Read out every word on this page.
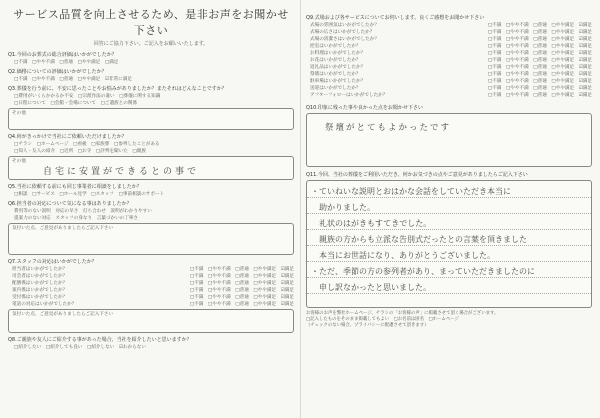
サービス品質を向上させるため、是非お声をお聞かせ下さい
回答にご協力下さい。ご記入をお願いいたします。
Q1.今回のお葬式の総合評価はいかがでしたか？
□不満　□やや不満　□普通　□やや満足　□満足
Q2.価格についての評価はいかがでしたか？
□不満　□やや不満　□普通　□やや満足　☑非常に満足
Q3.葬儀を行う前に、不安に思ったことやお悩みがありましたか？またそれはどんなことですか？
□費用がいくらかかるか不安　□宗派作法の違い　□葬儀に関する知識
□日程について　□会館・会場について　□ご遺族との関係
その他
Q4.何がきっかけで当社にご依頼いただけましたか？
□チラシ　□ホームページ　□看板　□家族葬　□参列したことがある
□知人・友人の紹介　□近所　□お寺　□評判を聞いた　□親族
その他
自宅に安置ができるとの事で
Q5.当社に依頼する前にも同じ事業者に相談をしましたか？
□相談　□サービス　□ホール見学　□スタッフ　□事前相談のサポート
Q6.担当者の対応について気になる事はありましたか？
費用等のない説明　対応の早さ　打ち合わせ　説明がわかりやすい
提案力のない対応　スタッフの身なり　言葉づかいの丁寧さ
気付いた点、ご意見がありましたらご記入下さい
Q7.スタッフの対応はいかがでしたか？
担当者はいかがでしたか？	□不満　□やや不満　□普通　□やや満足　☑満足
司会者はいかがでしたか？	□不満　□やや不満　□普通　□やや満足　☑満足
配膳係はいかがでしたか？	□不満　□やや不満　□普通　□やや満足　☑満足
案内係はいかがでしたか？	□不満　□やや不満　□普通　□やや満足　☑満足
受付係はいかがでしたか？	□不満　□やや不満　□普通　□やや満足　☑満足
電話の対応はいかがでしたか？	□不満　□やや不満　□普通　□やや満足　☑満足
気付いた点、ご意見がありましたらご記入下さい
Q8.ご親族や友人にご紹介する事があった場合、当社を紹介したいと思いますか？
□紹介したい　□紹介しても良い　□紹介しない　☑わからない
Q9.式場および各サービスについてお伺いします。良くご感想をお聞かせ下さい
式場の雰囲気はいかがでしたか？	□不満　□やや不満　□普通　□やや満足　☑満足
式場の広さはいかがでしたか？	□不満　□やや不満　□普通　□やや満足　☑満足
式場の清潔さはいかがでしたか？	□不満　□やや不満　□普通　□やや満足　☑満足
控室はいかがでしたか？	□不満　□やや不満　□普通　□やや満足　☑満足
お料理はいかがでしたか？	□不満　□やや不満　□普通　□やや満足　☑満足
お花はいかがでしたか？	□不満　□やや不満　□普通　□やや満足　☑満足
返礼品はいかがでしたか？	□不満　□やや不満　□普通　□やや満足　☑満足
祭壇はいかがでしたか？	□不満　□やや不満　□普通　□やや満足　☑満足
駐車場はいかがでしたか？	□不満　□やや不満　□普通　□やや満足　☑満足
送迎はいかがでしたか？	□不満　□やや不満　□普通　□やや満足　☑満足
アフターフォローはいかがでしたか？	□不満　□やや不満　□普通　□やや満足　☑満足
Q10.印象に残った事や良かった点をお聞かせ下さい
祭壇がとてもよかったです
Q11.今回、当社の葬儀をご利用いただき、何かお気づきの点やご意見がありましたらご記入下さい
・ていねいな説明とおはかな会話をしていただき本当に
　助かりました。
　礼状のはがきもすてきでした。
　親族の方からも立派な告別式だったとの言葉を頂きました
　本当にお世話になり、ありがとうございました。
・ただ、季節の方の参列者があり、まっていただきましたのに
　申し訳なかったと思いました。
お客様のお声を弊社ホームページ、チラシの「お客様の声」に掲載させて頂く場合がございます。
□記入したものをそのまま掲載してもよい　□お名前は匿名　□ホームページ
（チェックのない場合、プライバシーに配慮させて頂きます）
